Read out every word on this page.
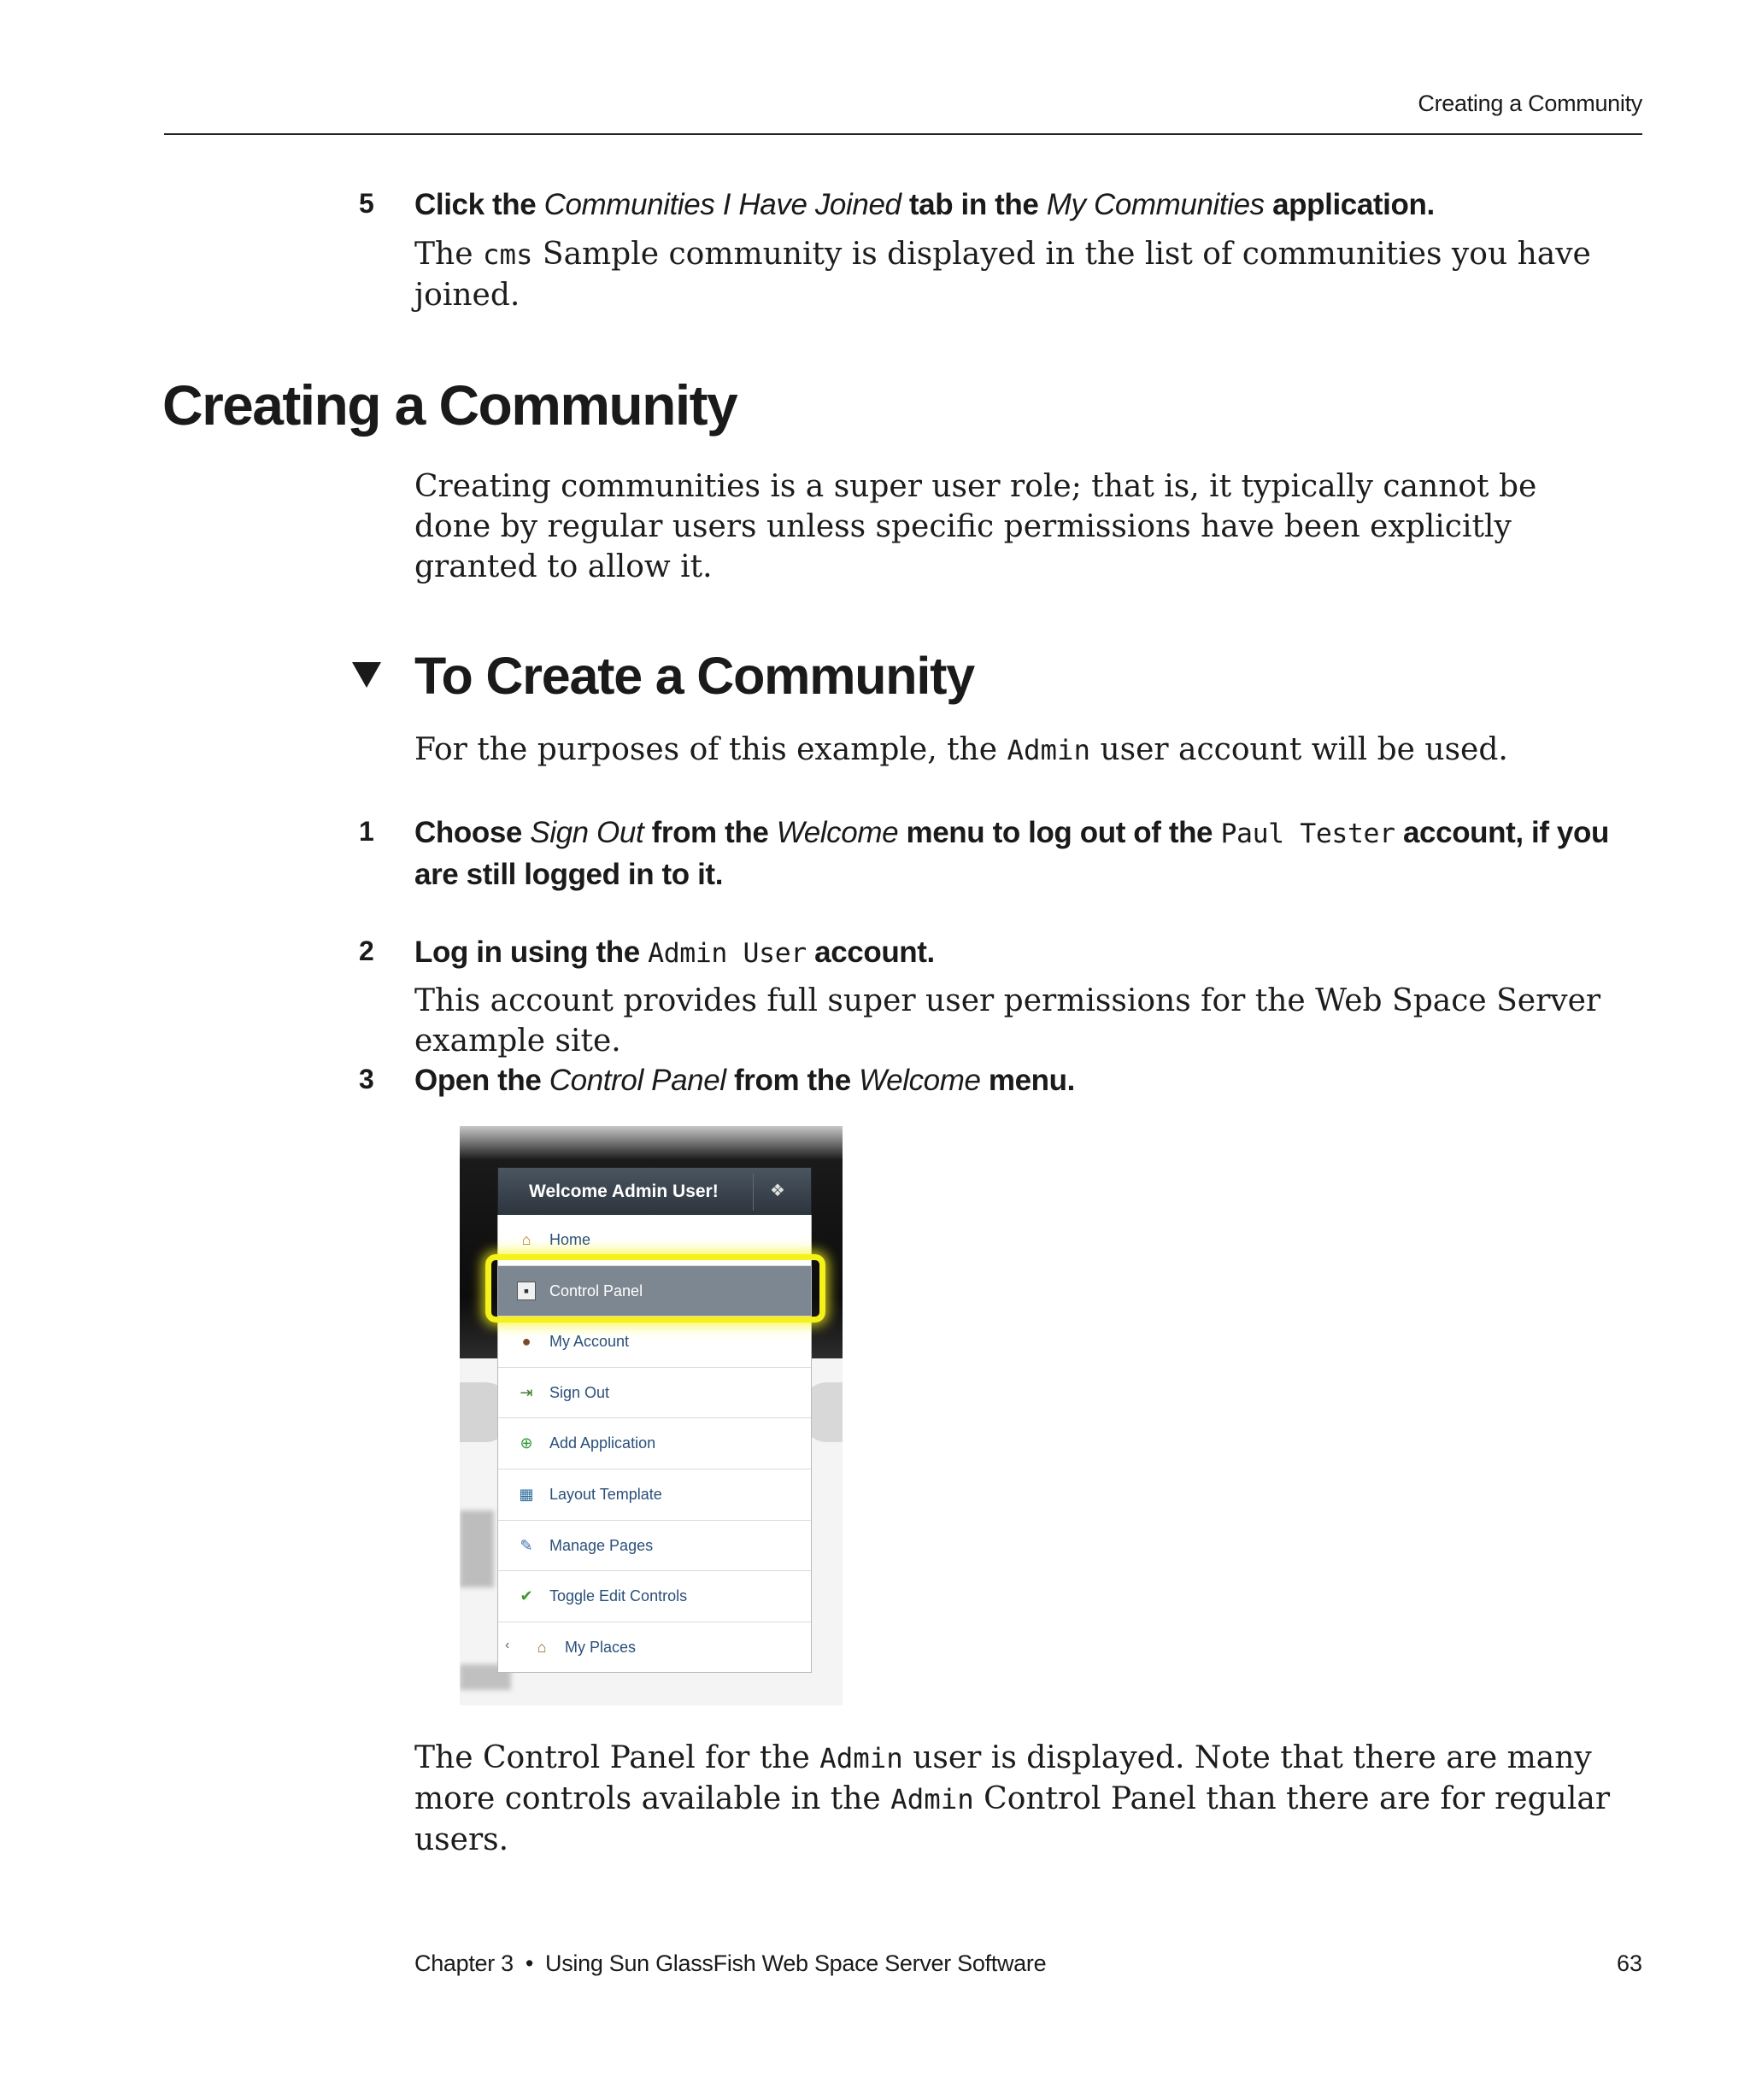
Creating a Community
5	Click the Communities I Have Joined tab in the My Communities application.
The cms Sample community is displayed in the list of communities you have joined.
Creating a Community
Creating communities is a super user role; that is, it typically cannot be done by regular users unless specific permissions have been explicitly granted to allow it.
To Create a Community
For the purposes of this example, the Admin user account will be used.
1	Choose Sign Out from the Welcome menu to log out of the Paul Tester account, if you are still logged in to it.
2	Log in using the Admin User account.
This account provides full super user permissions for the Web Space Server example site.
3	Open the Control Panel from the Welcome menu.
Welcome Admin User!	❖
⌂	Home
▪	Control Panel
●	My Account
⇥ Sign Out
⊕ Add Application
▦ Layout Template
✎ Manage Pages
✔ Toggle Edit Controls
‹	⌂	My Places
The Control Panel for the Admin user is displayed. Note that there are many more controls available in the Admin Control Panel than there are for regular users.
Chapter 3 • Using Sun GlassFish Web Space Server Software	63
